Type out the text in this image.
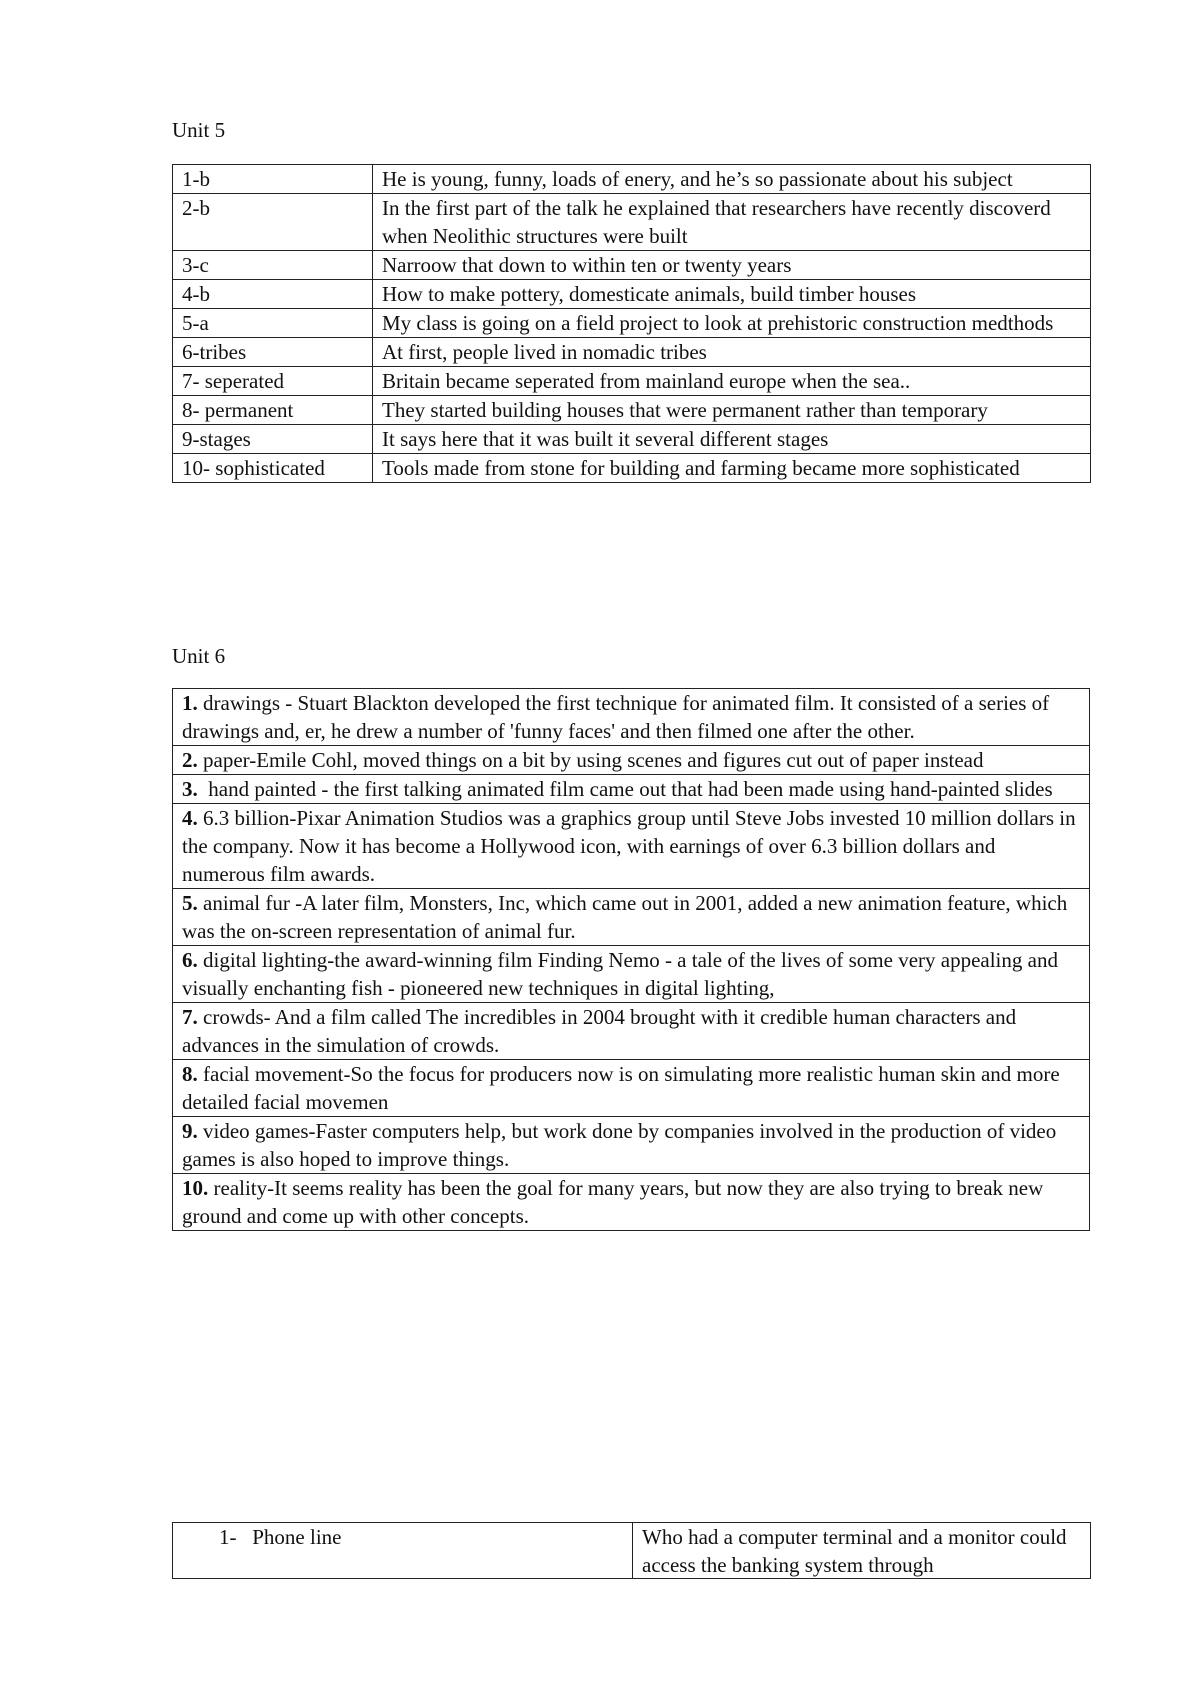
Unit 5
1-b	He is young, funny, loads of enery, and he’s so passionate about his subject
2-b	In the first part of the talk he explained that researchers have recently discoverd when Neolithic structures were built
3-c	Narroow that down to within ten or twenty years
4-b	How to make pottery, domesticate animals, build timber houses
5-a	My class is going on a field project to look at prehistoric construction medthods
6-tribes	At first, people lived in nomadic tribes
7- seperated	Britain became seperated from mainland europe when the sea..
8- permanent	They started building houses that were permanent rather than temporary
9-stages	It says here that it was built it several different stages
10- sophisticated	Tools made from stone for building and farming became more sophisticated
Unit 6
1. drawings - Stuart Blackton developed the first technique for animated film. It consisted of a series of drawings and, er, he drew a number of 'funny faces' and then filmed one after the other.
2. paper-Emile Cohl, moved things on a bit by using scenes and figures cut out of paper instead
3.  hand painted - the first talking animated film came out that had been made using hand-painted slides
4. 6.3 billion-Pixar Animation Studios was a graphics group until Steve Jobs invested 10 million dollars in the company. Now it has become a Hollywood icon, with earnings of over 6.3 billion dollars and numerous film awards.
5. animal fur -A later film, Monsters, Inc, which came out in 2001, added a new animation feature, which was the on-screen representation of animal fur.
6. digital lighting-the award-winning film Finding Nemo - a tale of the lives of some very appealing and visually enchanting fish - pioneered new techniques in digital lighting,
7. crowds- And a film called The incredibles in 2004 brought with it credible human characters and advances in the simulation of crowds.
8. facial movement-So the focus for producers now is on simulating more realistic human skin and more detailed facial movemen
9. video games-Faster computers help, but work done by companies involved in the production of video games is also hoped to improve things.
10. reality-It seems reality has been the goal for many years, but now they are also trying to break new ground and come up with other concepts.
1-   Phone line	Who had a computer terminal and a monitor could access the banking system through
